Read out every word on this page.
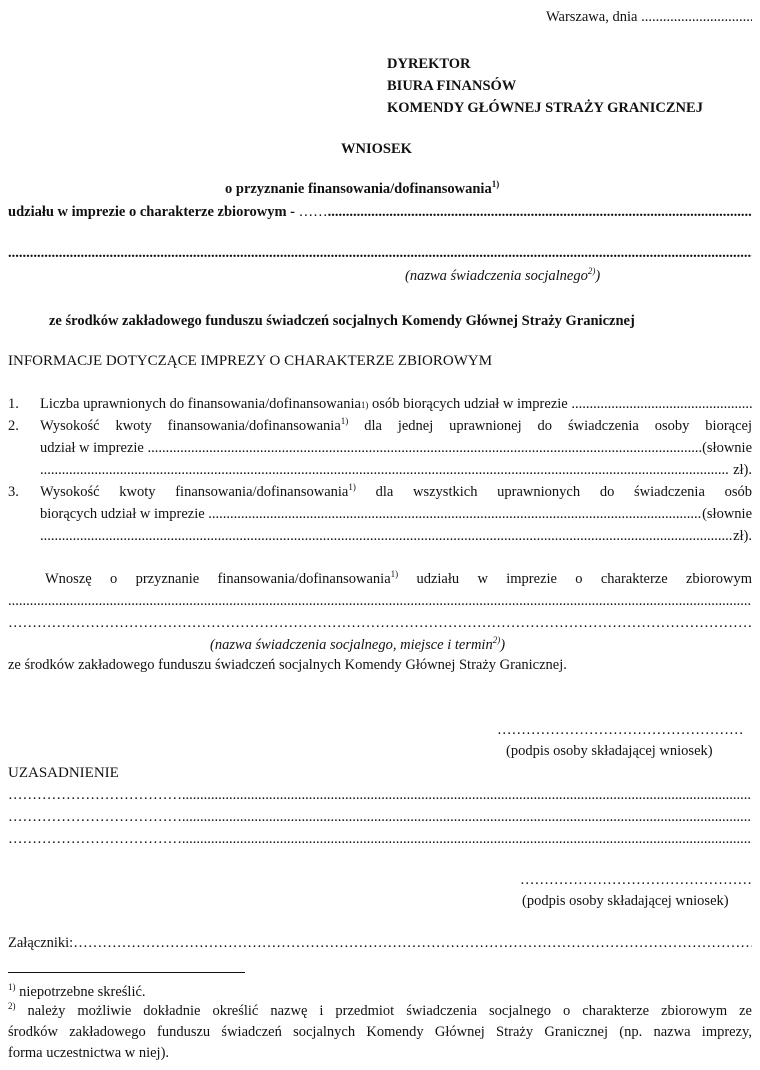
Warszawa, dnia

.....
DYREKTOR
BIURA FINANSÓW
KOMENDY GŁÓWNEJ STRAŻY GRANICZNEJ
WNIOSEK
o przyznanie finansowania/dofinansowania$^{1)}$
udziału w imprezie o charakterze zbiorowym -
……
.....
.....
(nazwa świadczenia socjalnego$^{2)}$)
ze środków zakładowego funduszu świadczeń socjalnych Komendy Głównej Straży Granicznej
INFORMACJE DOTYCZĄCE IMPREZY O CHARAKTERZE ZBIOROWYM
1.	Liczba uprawnionych do finansowania/dofinansowania 1)
osób biorących udział w imprezie

.....
2.	Wysokość kwoty finansowania/dofinansowania$^{1)}$ dla jednej uprawnionej do świadczenia osoby biorącej
udział w imprezie
.....	(słownie
.....

zł).
3.	Wysokość kwoty finansowania/dofinansowania$^{1)}$ dla wszystkich uprawnionych do świadczenia osób
biorących udział w imprezie
.....	(słownie
.....
zł).
Wnoszę o przyznanie finansowania/dofinansowania$^{1)}$ udziału w imprezie o charakterze zbiorowym
.....
…………………………………………………………………………………………………………………………………………………………………………………………………………………………………………………………………………………
(nazwa świadczenia socjalnego, miejsce i termin$^{2)}$)
ze środków zakładowego funduszu świadczeń socjalnych Komendy Głównej Straży Granicznej.
…………………………………………………………………………………………………………………………………………………………………………………………………………………………………………………………………………………
(podpis osoby składającej wniosek)
UZASADNIENIE
…………………………………………………………………………………………………………………………………………………………………………………………………………………………………………………………………………………
.....
…………………………………………………………………………………………………………………………………………………………………………………………………………………………………………………………………………………
.....
…………………………………………………………………………………………………………………………………………………………………………………………………………………………………………………………………………………
.....
…………………………………………………………………………………………………………………………………………………………………………………………………………………………………………………………………………………
(podpis osoby składającej wniosek)
Załączniki:
…………………………………………………………………………………………………………………………………………………………………………………………………………………………………………………………………………………
$^{1)}$ niepotrzebne skreślić.
$^{2)}$ należy możliwie dokładnie określić nazwę i przedmiot świadczenia socjalnego o charakterze zbiorowym ze
środków zakładowego funduszu świadczeń socjalnych Komendy Głównej Straży Granicznej (np. nazwa imprezy,
forma uczestnictwa w niej).
